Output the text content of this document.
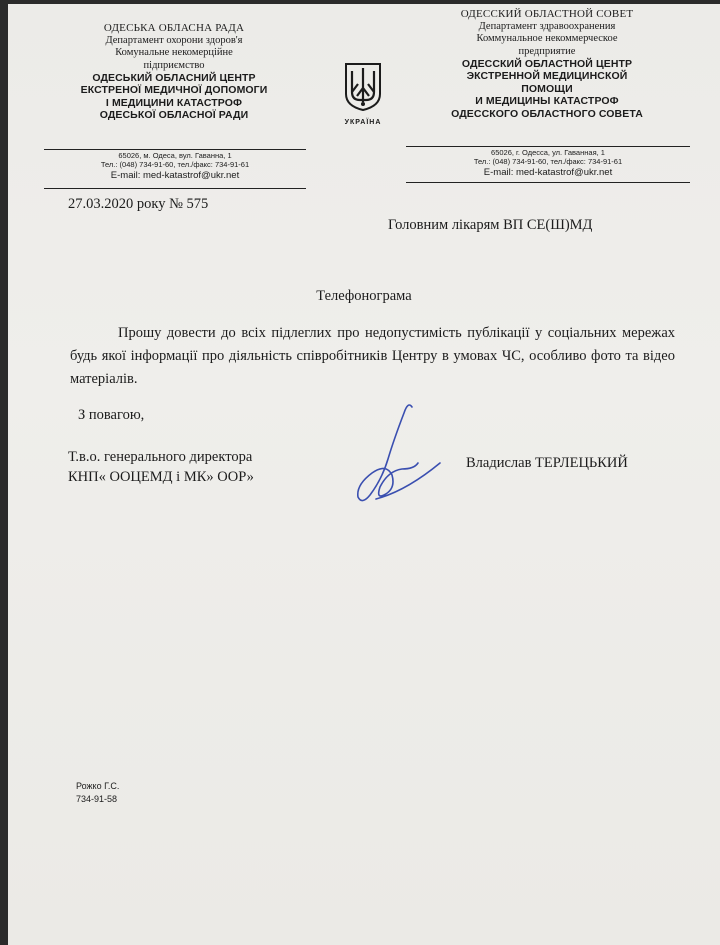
ОДЕСЬКА ОБЛАСНА РАДА
Департамент охорони здоров'я
Комунальне некомерційне
підприємство
ОДЕСЬКИЙ ОБЛАСНИЙ ЦЕНТР
ЕКСТРЕНОЇ МЕДИЧНОЇ ДОПОМОГИ
І МЕДИЦИНИ КАТАСТРОФ
ОДЕСЬКОЇ ОБЛАСНОЇ РАДИ
65026, м. Одеса, вул. Гаванна, 1
Тел.: (048) 734-91-60, тел./факс: 734-91-61
E-mail: med-katastrof@ukr.net
УКРАЇНА
ОДЕССКИЙ ОБЛАСТНОЙ СОВЕТ
Департамент здравоохранения
Коммунальное некоммерческое
предприятие
ОДЕССКИЙ ОБЛАСТНОЙ ЦЕНТР
ЭКСТРЕННОЙ МЕДИЦИНСКОЙ
ПОМОЩИ
И МЕДИЦИНЫ КАТАСТРОФ
ОДЕССКОГО ОБЛАСТНОГО СОВЕТА
65026, г. Одесса, ул. Гаванная, 1
Тел.: (048) 734-91-60, тел./факс: 734-91-61
E-mail: med-katastrof@ukr.net
27.03.2020 року № 575
Головним лікарям ВП СЕ(Ш)МД
Телефонограма
Прошу довести до всіх підлеглих про недопустимість публікації у соціальних мережах будь якої інформації про діяльність співробітників Центру в умовах ЧС, особливо фото та відео матеріалів.
З повагою,
Т.в.о. генерального директора
КНП« ООЦЕМД і МК» ООР»
Владислав ТЕРЛЕЦЬКИЙ
Рожко Г.С.
734-91-58
